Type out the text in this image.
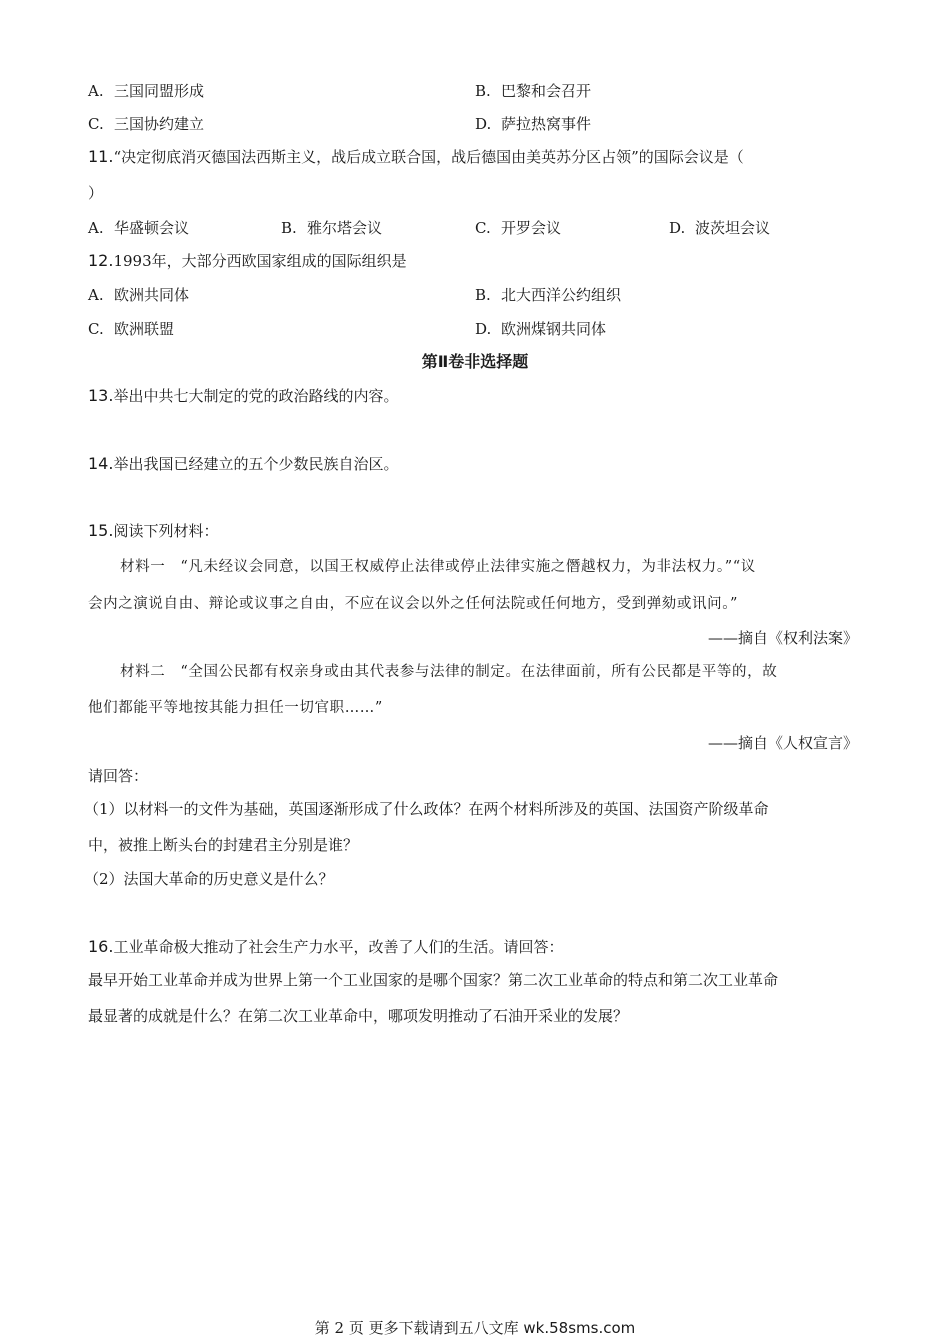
A. 三国同盟形成	B. 巴黎和会召开
C. 三国协约建立	D. 萨拉热窝事件
11.“决定彻底消灭德国法西斯主义，战后成立联合国，战后德国由美英苏分区占领”的国际会议是（
）
A. 华盛顿会议	B. 雅尔塔会议	C. 开罗会议	D. 波茨坦会议
12.1993年，大部分西欧国家组成的国际组织是
A. 欧洲共同体	B. 北大西洋公约组织
C. 欧洲联盟	D. 欧洲煤钢共同体
第Ⅱ卷非选择题
13.举出中共七大制定的党的政治路线的内容。
14.举出我国已经建立的五个少数民族自治区。
15.阅读下列材料：
材料一　“凡未经议会同意，以国王权威停止法律或停止法律实施之僭越权力，为非法权力。”“议
会内之演说自由、辩论或议事之自由，不应在议会以外之任何法院或任何地方，受到弹劾或讯问。”
——摘自《权利法案》
材料二　“全国公民都有权亲身或由其代表参与法律的制定。在法律面前，所有公民都是平等的，故
他们都能平等地按其能力担任一切官职……”
——摘自《人权宣言》
请回答：
（1）以材料一的文件为基础，英国逐渐形成了什么政体？在两个材料所涉及的英国、法国资产阶级革命
中，被推上断头台的封建君主分别是谁？
（2）法国大革命的历史意义是什么？
16.工业革命极大推动了社会生产力水平，改善了人们的生活。请回答：
最早开始工业革命并成为世界上第一个工业国家的是哪个国家？第二次工业革命的特点和第二次工业革命
最显著的成就是什么？在第二次工业革命中，哪项发明推动了石油开采业的发展？
第 2 页 更多下载请到五八文库 wk.58sms.com
